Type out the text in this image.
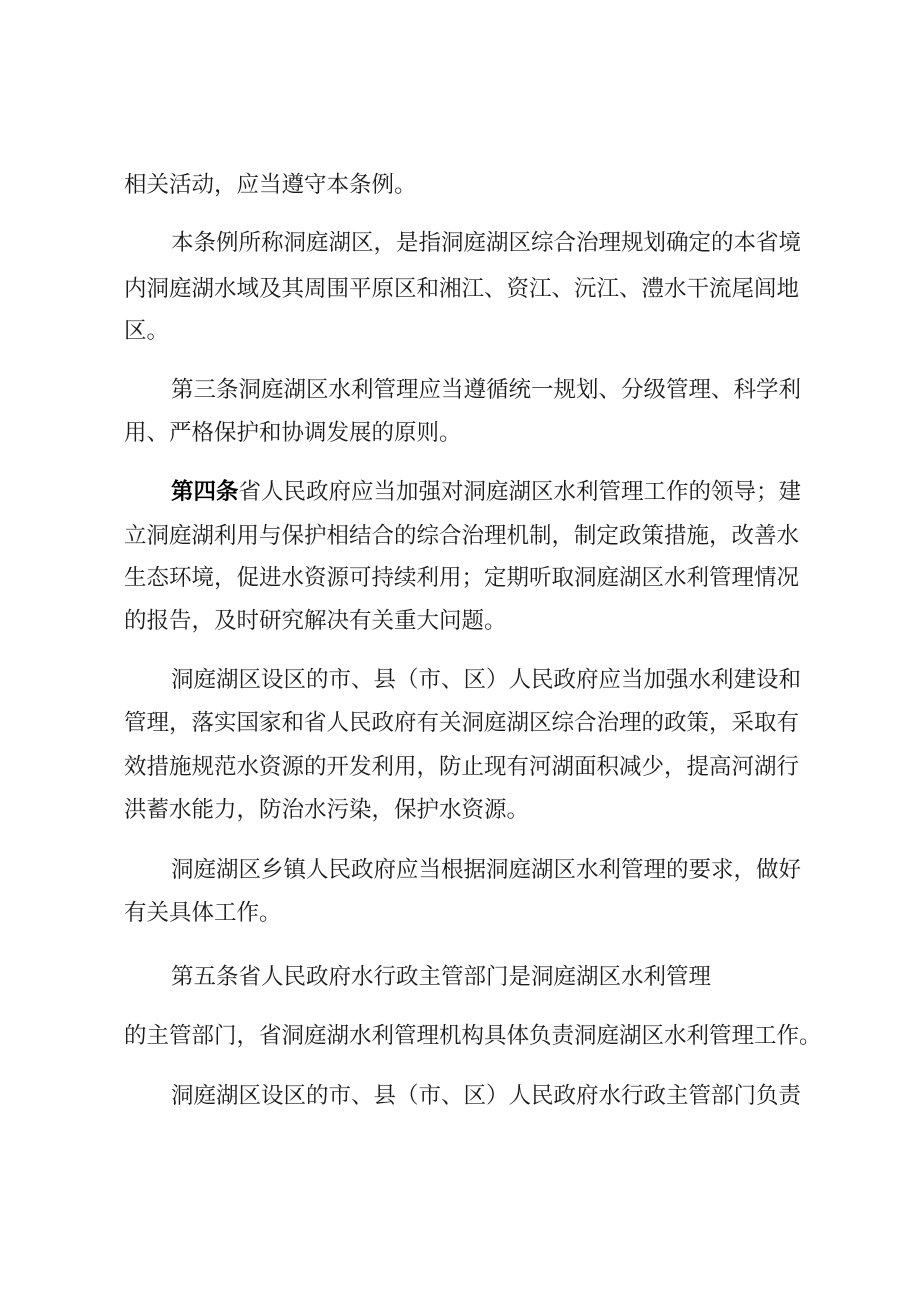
相关活动，应当遵守本条例。

本条例所称洞庭湖区，是指洞庭湖区综合治理规划确定的本省境

内洞庭湖水域及其周围平原区和湘江、资江、沅江、澧水干流尾闾地

区。

第三条洞庭湖区水利管理应当遵循统一规划、分级管理、科学利

用、严格保护和协调发展的原则。

第四条省人民政府应当加强对洞庭湖区水利管理工作的领导；建

立洞庭湖利用与保护相结合的综合治理机制，制定政策措施，改善水

生态环境，促进水资源可持续利用；定期听取洞庭湖区水利管理情况

的报告，及时研究解决有关重大问题。

洞庭湖区设区的市、县（市、区）人民政府应当加强水利建设和

管理，落实国家和省人民政府有关洞庭湖区综合治理的政策，采取有

效措施规范水资源的开发利用，防止现有河湖面积减少，提高河湖行

洪蓄水能力，防治水污染，保护水资源。

洞庭湖区乡镇人民政府应当根据洞庭湖区水利管理的要求，做好

有关具体工作。

第五条省人民政府水行政主管部门是洞庭湖区水利管理

的主管部门，省洞庭湖水利管理机构具体负责洞庭湖区水利管理工作。

洞庭湖区设区的市、县（市、区）人民政府水行政主管部门负责
